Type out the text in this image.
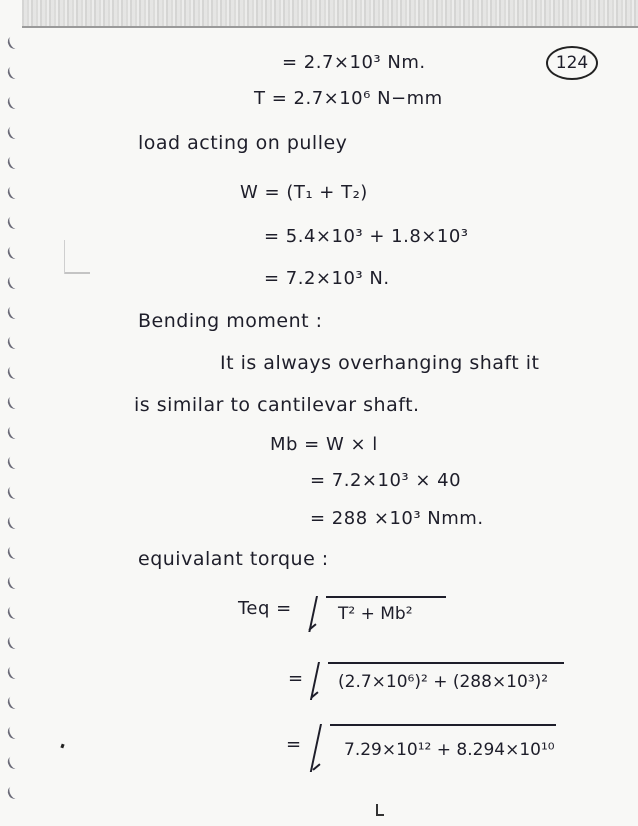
124
= 2.7×10³ Nm.
T = 2.7×10⁶ N−mm
load acting on pulley
W = (T₁ + T₂)
= 5.4×10³ + 1.8×10³
= 7.2×10³ N.
Bending moment :
It is always overhanging shaft it
is similar to cantilevar shaft.
Mb = W × l
= 7.2×10³ × 40
= 288 ×10³ Nmm.
equivalant torque :
Teq =	T² + Mb²
= (2.7×10⁶)² + (288×10³)²
= 7.29×10¹² + 8.294×10¹⁰
